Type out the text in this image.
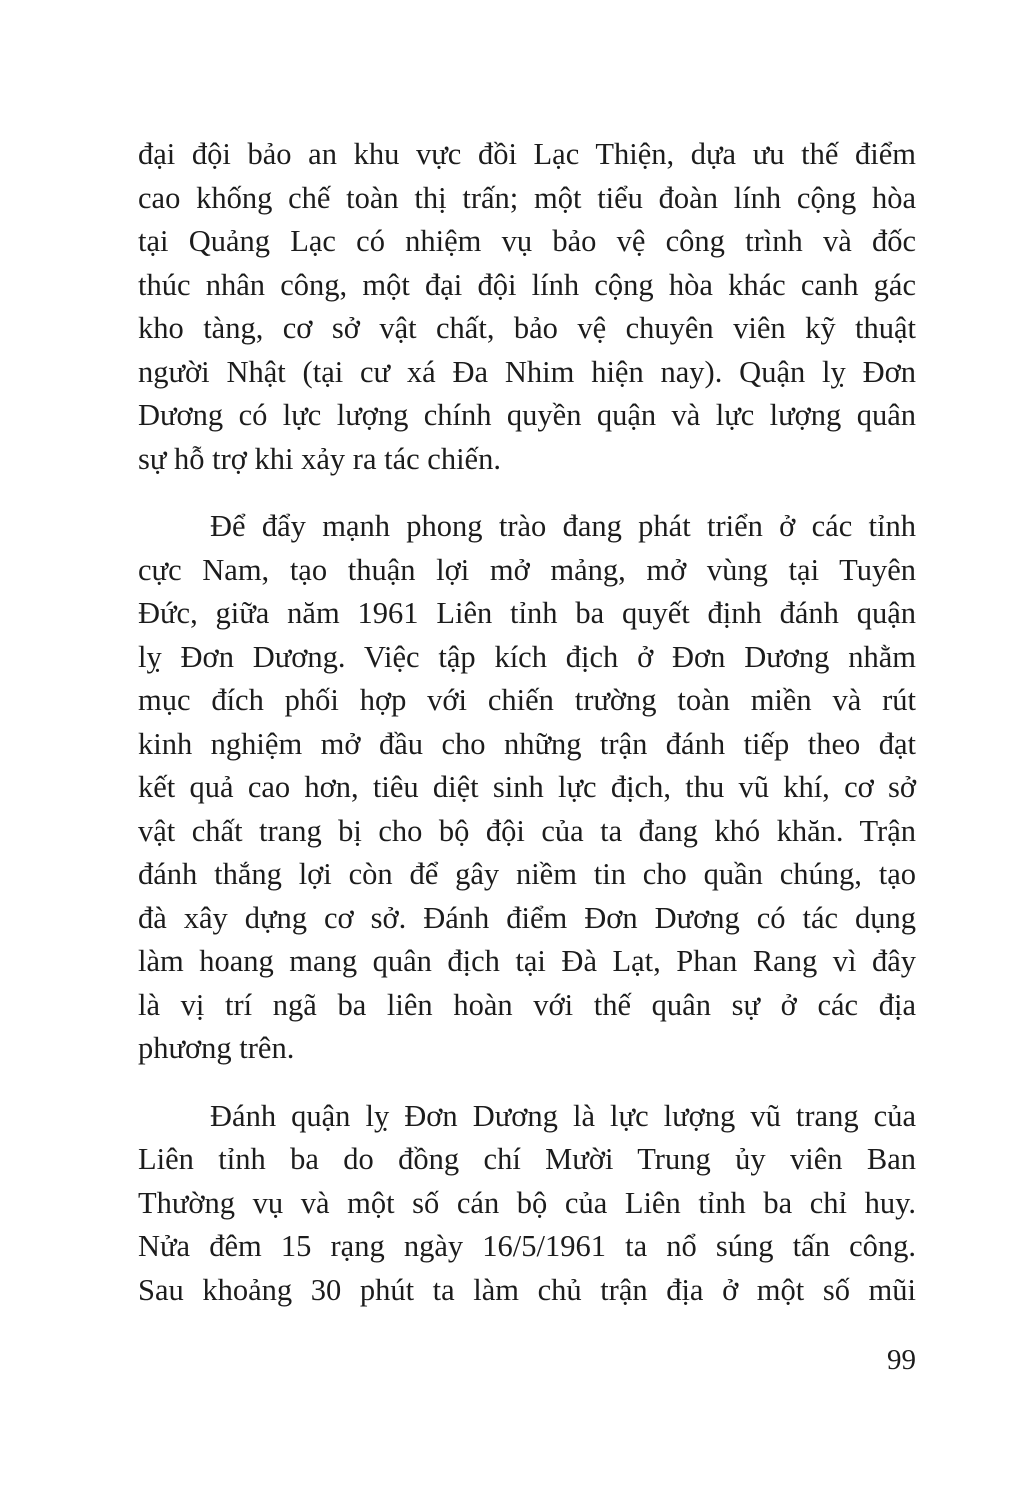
đại đội bảo an khu vực đồi Lạc Thiện, dựa ưu thế điểm
cao khống chế toàn thị trấn; một tiểu đoàn lính cộng hòa
tại Quảng Lạc có nhiệm vụ bảo vệ công trình và đốc
thúc nhân công, một đại đội lính cộng hòa khác canh gác
kho tàng, cơ sở vật chất, bảo vệ chuyên viên kỹ thuật
người Nhật (tại cư xá Đa Nhim hiện nay). Quận lỵ Đơn
Dương có lực lượng chính quyền quận và lực lượng quân
sự hỗ trợ khi xảy ra tác chiến.
Để đẩy mạnh phong trào đang phát triển ở các tỉnh
cực Nam, tạo thuận lợi mở mảng, mở vùng tại Tuyên
Đức, giữa năm 1961 Liên tỉnh ba quyết định đánh quận
lỵ Đơn Dương. Việc tập kích địch ở Đơn Dương nhằm
mục đích phối hợp với chiến trường toàn miền và rút
kinh nghiệm mở đầu cho những trận đánh tiếp theo đạt
kết quả cao hơn, tiêu diệt sinh lực địch, thu vũ khí, cơ sở
vật chất trang bị cho bộ đội của ta đang khó khăn. Trận
đánh thắng lợi còn để gây niềm tin cho quần chúng, tạo
đà xây dựng cơ sở. Đánh điểm Đơn Dương có tác dụng
làm hoang mang quân địch tại Đà Lạt, Phan Rang vì đây
là vị trí ngã ba liên hoàn với thế quân sự ở các địa
phương trên.
Đánh quận lỵ Đơn Dương là lực lượng vũ trang của
Liên tỉnh ba do đồng chí Mười Trung ủy viên Ban
Thường vụ và một số cán bộ của Liên tỉnh ba chỉ huy.
Nửa đêm 15 rạng ngày 16/5/1961 ta nổ súng tấn công.
Sau khoảng 30 phút ta làm chủ trận địa ở một số mũi
99
